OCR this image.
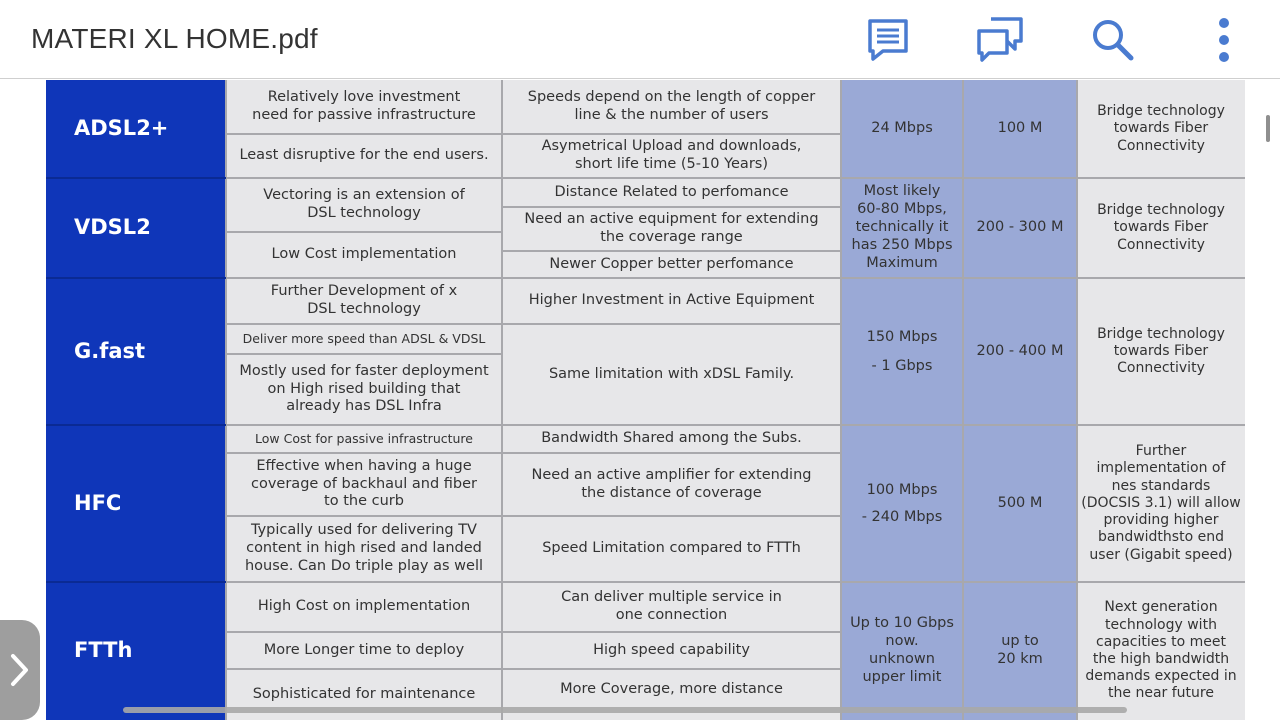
MATERI XL HOME.pdf
ADSL2+
Relatively love investment
need for passive infrastructure
Least disruptive for the end users.
Speeds depend on the length of copper
line & the number of users
Asymetrical Upload and downloads,
short life time (5-10 Years)
24 Mbps	100 M
Bridge technology
towards Fiber
Connectivity
VDSL2
Vectoring is an extension of
DSL technology
Low Cost implementation
Distance Related to perfomance
Need an active equipment for extending
the coverage range
Newer Copper better perfomance
Most likely
60-80 Mbps,
technically it
has 250 Mbps
Maximum
200 - 300 M
Bridge technology
towards Fiber
Connectivity
G.fast
Further Development of x
DSL technology
Deliver more speed than ADSL & VDSL
Mostly used for faster deployment
on High rised building that
already has DSL Infra
Higher Investment in Active Equipment
Same limitation with xDSL Family.
150 Mbps
- 1 Gbps
200 - 400 M
Bridge technology
towards Fiber
Connectivity
HFC
Low Cost for passive infrastructure
Effective when having a huge
coverage of backhaul and fiber
to the curb
Typically used for delivering TV
content in high rised and landed
house. Can Do triple play as well
Bandwidth Shared among the Subs.
Need an active amplifier for extending
the distance of coverage
Speed Limitation compared to FTTh
100 Mbps
- 240 Mbps
500 M
Further
implementation of
nes standards
(DOCSIS 3.1) will allow
providing higher
bandwidthsto end
user (Gigabit speed)
FTTh
High Cost on implementation
More Longer time to deploy
Sophisticated for maintenance
Can deliver multiple service in
one connection
High speed capability
More Coverage, more distance
Up to 10 Gbps
now.
unknown
upper limit
up to
20 km
Next generation
technology with
capacities to meet
the high bandwidth
demands expected in
the near future
